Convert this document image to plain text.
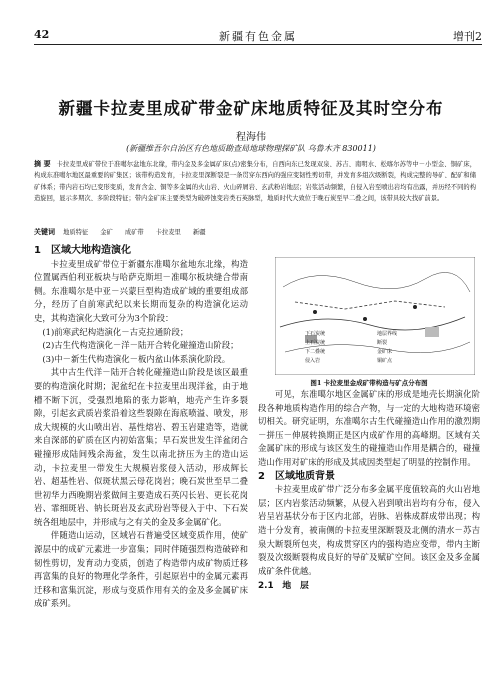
42	新疆有色金属	增刊2
新疆卡拉麦里成矿带金矿床地质特征及其时空分布
程海伟
(新疆维吾尔自治区有色地质勘查局地球物理探矿队 乌鲁木齐 830011)
摘 要 卡拉麦里成矿带位于准噶尔盆地东北缘，带内金及多金属矿床(点)密集分布，自西向东已发现双泉、苏吉、南明水、松喀尔苏等中－小型金、铜矿床，构成东准噶尔地区最重要的矿集区；该带构造发育，卡拉麦里深断裂是一条贯穿东西向的强应变韧性剪切带，并发育多组次级断裂，构成完整的导矿、配矿和储矿体系；带内岩石均已变形变质，发育含金、铜等多金属的火山岩、火山碎屑岩、玄武粉岩地层；岩浆活动频繁，自侵入岩至喷出岩均有出露，并历经不同的构造旋回，显示多期次、多阶段特征；带内金矿床主要类型为破碎蚀变岩类石英脉型，地质时代大致位于晚石炭至早二叠之间，该带具较大找矿前景。
关键词 地质特征 金矿 成矿带 卡拉麦里 新疆

1　区域大地构造演化

卡拉麦里成矿带位于新疆东准噶尔盆地东北缘，构造位置属西伯利亚板块与哈萨克斯坦－准噶尔板块缝合带南侧。东准噶尔是中亚－兴蒙巨型构造成矿域的重要组成部分，经历了自前寒武纪以来长期而复杂的构造演化运动史，其构造演化大致可分为3个阶段：

(1)前寒武纪构造演化－古克拉通阶段；

(2)古生代构造演化－洋－陆开合转化碰撞造山阶段；

(3)中－新生代构造演化－板内盆山体系演化阶段。

其中古生代洋－陆开合转化碰撞造山阶段是该区最重要的构造演化时期；泥盆纪在卡拉麦里出现洋盆，由于地槽不断下沉，受强烈地陷的张力影响，地壳产生许多裂隙，引起玄武质岩浆沿着这些裂隙在海底喷溢、喷发，形成大规模的火山喷出岩、基性熔岩、碧玉岩建造等，造就来自深部的矿质在区内初始富集；早石炭世发生洋盆闭合碰撞形成陆间残余海盆，发生以南北挤压为主的造山运动，卡拉麦里一带发生大规模岩浆侵入活动，形成辉长岩、超基性岩、似斑状黑云母花岗岩；晚石炭世至早二叠世初华力西晚期岩浆做间主要造成石英闪长岩、更长花岗岩、霏细斑岩、钠长斑岩及玄武玢岩等侵入于中、下石炭统各组地层中，并形成与之有关的金及多金属矿化。

伴随造山运动，区域岩石普遍受区域变质作用，使矿源层中的成矿元素进一步富集；同时伴随强烈构造破碎和韧性剪切，发育动力变质，创造了构造带内成矿物质迁移再富集的良好的物理化学条件，引起原岩中的金属元素再迁移和富集沉淀，形成与变质作用有关的金及多金属矿床成矿系列。

下石炭统	地层界线
上石炭统	断裂
下二叠统	金矿床
侵入岩	铜矿点
图1 卡拉麦里金成矿带构造与矿点分布图

可见，东准噶尔地区金属矿床的形成是地壳长期演化阶段各种地质构造作用的综合产物，与一定的大地构造环境密切相关。研究证明，东准噶尔古生代碰撞造山作用的激烈期－拼压－伸展转换期正是区内成矿作用的高峰期。区域有关金属矿床的形成与该区发生的碰撞造山作用是耦合的，碰撞造山作用对矿床的形成及其成因类型起了明显的控制作用。

2　区域地质背景

卡拉麦里成矿带广泛分布多金属平度值较高的火山岩地层；区内岩浆活动频繁，从侵入岩到喷出岩均有分布，侵入岩呈岩基状分布于区内北部，岩脉、岩株成群成带出现；构造十分发育，被南侧的卡拉麦里深断裂及北侧的清水－苏吉泉大断裂所包夹，构成贯穿区内的强构造应变带，带内主断裂及次级断裂构成良好的导矿及赋矿空间。该区金及多金属成矿条件优越。

2.1　地　层
